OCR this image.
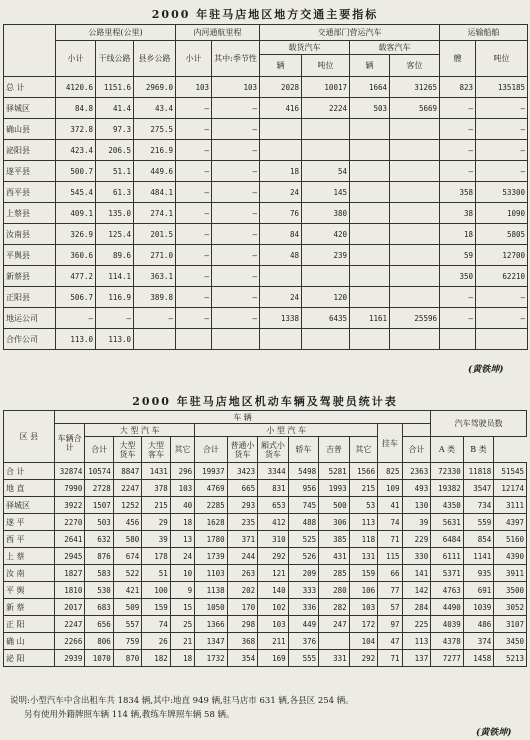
2000 年驻马店地区地方交通主要指标
	公路里程(公里)			内河通航里程		交通部门营运汽车				运输船舶	
	小计	干线公路	县乡公路	小计	其中:季节性	载货汽车		载客汽车		艘	吨位
						辆	吨位	辆	客位		
总 计	4120.6	1151.6	2969.0	103	103	2028	10017	1664	31265	823	135185
驿城区	84.8	41.4	43.4	—	—	416	2224	503	5669	—	—
确山县	372.8	97.3	275.5	—	—					—	—
泌阳县	423.4	206.5	216.9	—	—					—	—
遂平县	500.7	51.1	449.6	—	—	18	54			—	—
西平县	545.4	61.3	484.1	—	—	24	145			358	53300
上蔡县	409.1	135.0	274.1	—	—	76	380			38	1090
汝南县	326.9	125.4	201.5	—	—	84	420			18	5805
平舆县	360.6	89.6	271.0	—	—	48	239			59	12700
新蔡县	477.2	114.1	363.1	—	—					350	62210
正阳县	506.7	116.9	389.8	—	—	24	120			—	—
地运公司	—	—	—	—	—	1338	6435	1161	25596	—	—
合作公司	113.0	113.0									
(黄铁坤)
2000 年驻马店地区机动车辆及驾驶员统计表
区 县	车 辆													汽车驾驶员数		
	车辆合计	大 型 汽 车				小 型 汽 车						挂车				
		合计	大型货车	大型客车	其它	合计	普通小货车	厢式小货车	轿车	吉普	其它		合计	A 类	B 类	
合 计	32874	10574	8847	1431	296	19937	3423	3344	5498	5281	1566	825	2363	72330	11818	51545
地 直	7990	2728	2247	378	103	4769	665	831	956	1993	215	109	493	19382	3547	12174
驿城区	3922	1507	1252	215	40	2285	293	653	745	500	53	41	130	4350	734	3111
遂 平	2270	503	456	29	18	1628	235	412	488	306	113	74	39	5631	559	4397
西 平	2641	632	580	39	13	1780	371	310	525	385	118	71	229	6484	854	5160
上 蔡	2945	876	674	178	24	1739	244	292	526	431	131	115	330	6111	1141	4390
汝 南	1827	583	522	51	10	1103	263	121	209	285	159	66	141	5371	935	3911
平 舆	1810	530	421	100	9	1138	202	140	333	280	106	77	142	4763	691	3500
新 蔡	2017	683	509	159	15	1050	170	102	336	282	103	57	284	4490	1039	3052
正 阳	2247	656	557	74	25	1366	298	103	449	247	172	97	225	4039	486	3107
确 山	2266	806	759	26	21	1347	368	211	376		104	47	113	4378	374	3450
泌 阳	2939	1070	870	182	18	1732	354	169	555	331	292	71	137	7277	1458	5213
说明:小型汽车中含出租车共 1834 辆,其中:地直 949 辆,驻马店市 631 辆,各县区 254 辆。
另有使用外籍牌照车辆 114 辆,教练车牌照车辆 58 辆。
(黄铁坤)
